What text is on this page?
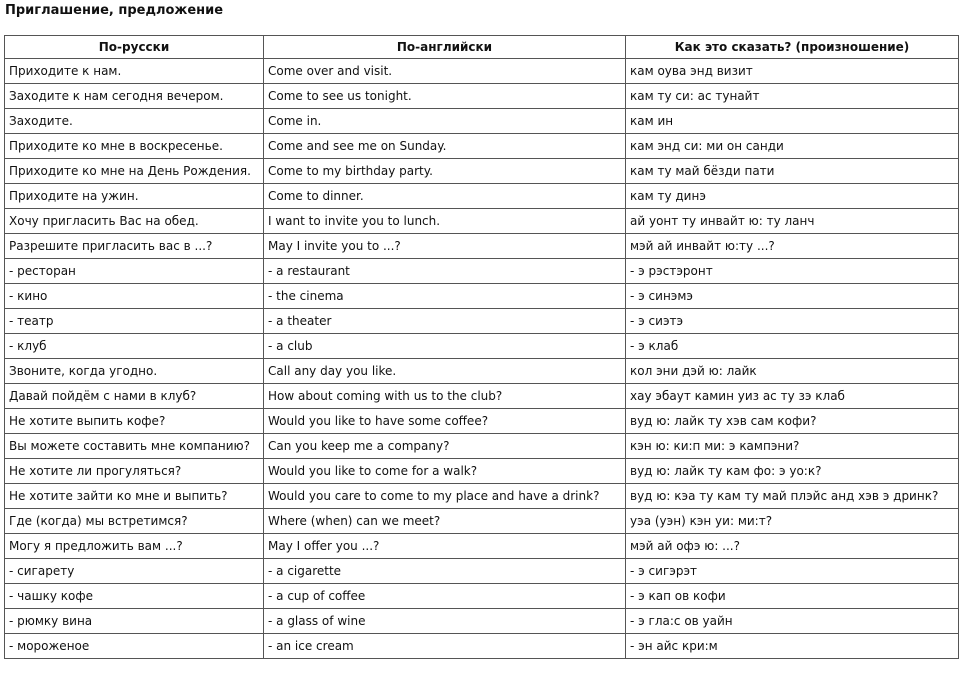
Приглашение, предложение
По-русски	По-английски	Как это сказать? (произношение)
Приходите к нам.	Come over and visit.	кам оува энд визит
Заходите к нам сегодня вечером.	Come to see us tonight.	кам ту си: ас тунайт
Заходите.	Come in.	кам ин
Приходите ко мне в воскресенье.	Come and see me on Sunday.	кам энд си: ми он санди
Приходите ко мне на День Рождения.	Come to my birthday party.	кам ту май бёзди пати
Приходите на ужин.	Come to dinner.	кам ту динэ
Хочу пригласить Вас на обед.	I want to invite you to lunch.	ай уонт ту инвайт ю: ту ланч
Разрешите пригласить вас в ...?	May I invite you to ...?	мэй ай инвайт ю:ту ...?
- ресторан	- a restaurant	- э рэстэронт
- кино	- the cinema	- э синэмэ
- театр	- a theater	- э сиэтэ
- клуб	- a club	- э клаб
Звоните, когда угодно.	Call any day you like.	кол эни дэй ю: лайк
Давай пойдём с нами в клуб?	How about coming with us to the club?	хау эбаут камин уиз ас ту зэ клаб
Не хотите выпить кофе?	Would you like to have some coffee?	вуд ю: лайк ту хэв сам кофи?
Вы можете составить мне компанию?	Can you keep me a company?	кэн ю: ки:п ми: э кампэни?
Не хотите ли прогуляться?	Would you like to come for a walk?	вуд ю: лайк ту кам фо: э уо:к?
Не хотите зайти ко мне и выпить?	Would you care to come to my place and have a drink?	вуд ю: кэа ту кам ту май плэйс анд хэв э дринк?
Где (когда) мы встретимся?	Where (when) can we meet?	уэа (уэн) кэн уи: ми:т?
Могу я предложить вам ...?	May I offer you ...?	мэй ай офэ ю: ...?
- сигарету	- a cigarette	- э сигэрэт
- чашку кофе	- a cup of coffee	- э кап ов кофи
- рюмку вина	- a glass of wine	- э гла:с ов уайн
- мороженое	- an ice cream	- эн айс кри:м
